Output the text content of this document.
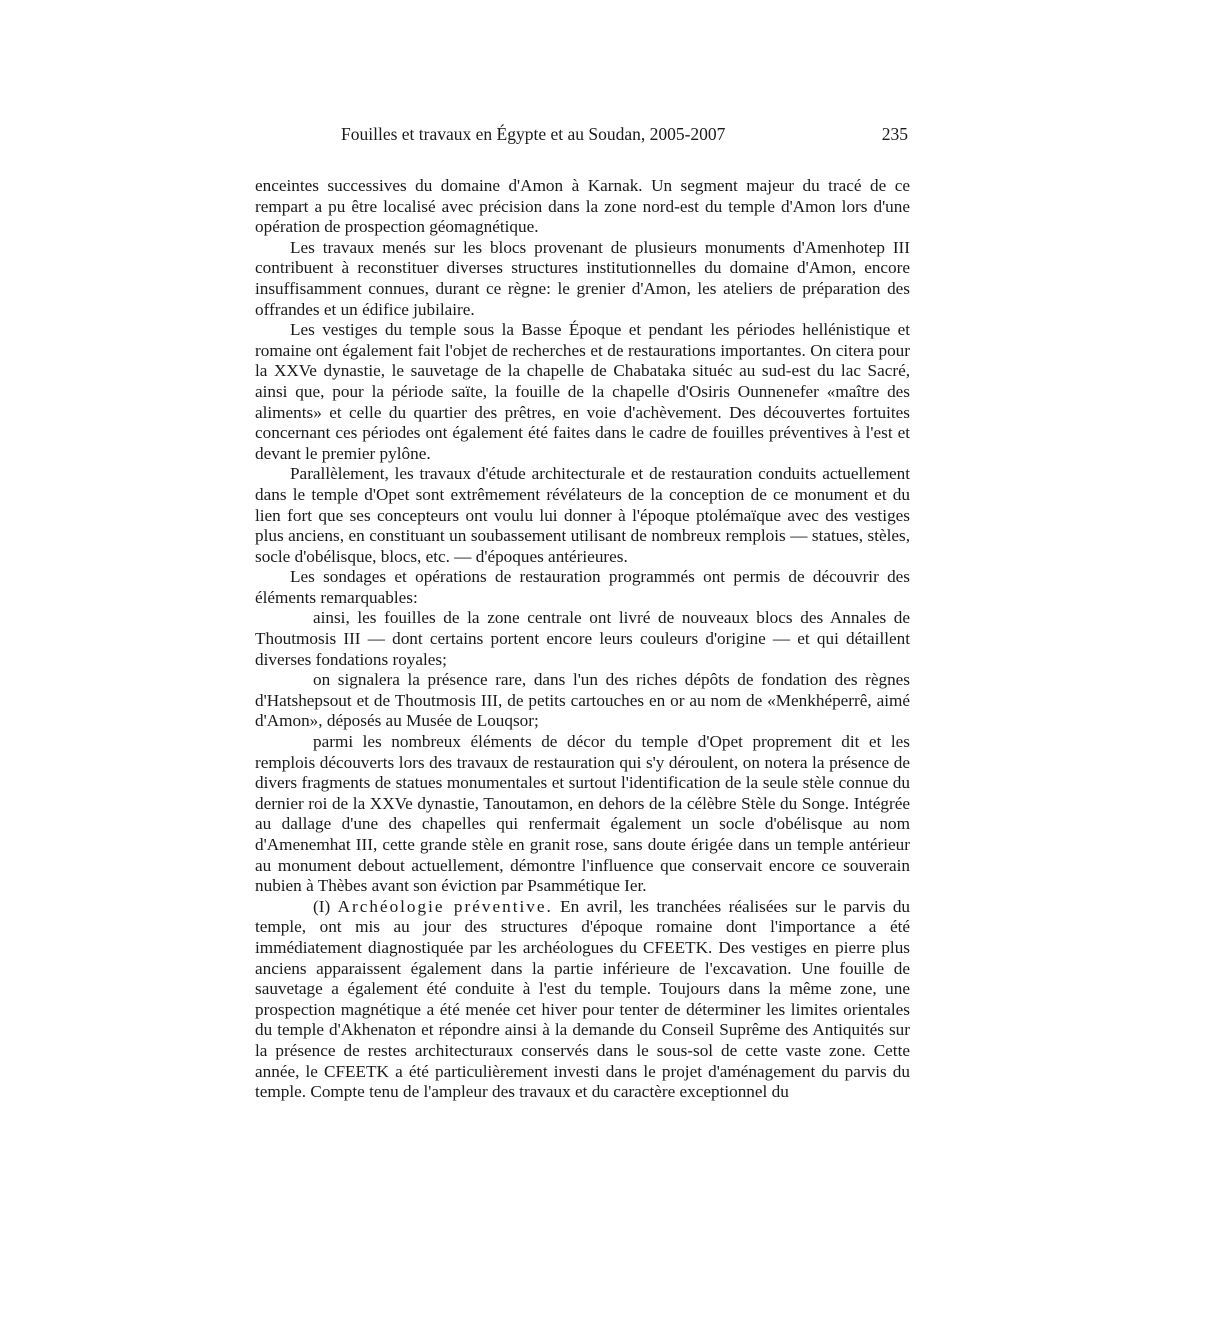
Fouilles et travaux en Égypte et au Soudan, 2005-2007	235

enceintes successives du domaine d'Amon à Karnak. Un segment majeur du tracé de ce rempart a pu être localisé avec précision dans la zone nord-est du temple d'Amon lors d'une opération de prospection géomagnétique.

Les travaux menés sur les blocs provenant de plusieurs monuments d'Amenhotep III contribuent à reconstituer diverses structures institutionnelles du domaine d'Amon, encore insuffisamment connues, durant ce règne: le grenier d'Amon, les ateliers de préparation des offrandes et un édifice jubilaire.

Les vestiges du temple sous la Basse Époque et pendant les périodes hellénistique et romaine ont également fait l'objet de recherches et de restaurations importantes. On citera pour la XXVe dynastie, le sauvetage de la chapelle de Chabataka situéc au sud-est du lac Sacré, ainsi que, pour la période saïte, la fouille de la chapelle d'Osiris Ounnenefer «maître des aliments» et celle du quartier des prêtres, en voie d'achèvement. Des découvertes fortuites concernant ces périodes ont également été faites dans le cadre de fouilles préventives à l'est et devant le premier pylône.

Parallèlement, les travaux d'étude architecturale et de restauration conduits actuellement dans le temple d'Opet sont extrêmement révélateurs de la conception de ce monument et du lien fort que ses concepteurs ont voulu lui donner à l'époque ptolémaïque avec des vestiges plus anciens, en constituant un soubassement utilisant de nombreux remplois — statues, stèles, socle d'obélisque, blocs, etc. — d'époques antérieures.

Les sondages et opérations de restauration programmés ont permis de découvrir des éléments remarquables:

ainsi, les fouilles de la zone centrale ont livré de nouveaux blocs des Annales de Thoutmosis III — dont certains portent encore leurs couleurs d'origine — et qui détaillent diverses fondations royales;

on signalera la présence rare, dans l'un des riches dépôts de fondation des règnes d'Hatshepsout et de Thoutmosis III, de petits cartouches en or au nom de «Menkhéperrê, aimé d'Amon», déposés au Musée de Louqsor;

parmi les nombreux éléments de décor du temple d'Opet proprement dit et les remplois découverts lors des travaux de restauration qui s'y déroulent, on notera la présence de divers fragments de statues monumentales et surtout l'identification de la seule stèle connue du dernier roi de la XXVe dynastie, Tanoutamon, en dehors de la célèbre Stèle du Songe. Intégrée au dallage d'une des chapelles qui renfermait également un socle d'obélisque au nom d'Amenemhat III, cette grande stèle en granit rose, sans doute érigée dans un temple antérieur au monument debout actuellement, démontre l'influence que conservait encore ce souverain nubien à Thèbes avant son éviction par Psammétique Ier.

(I) Archéologie préventive. En avril, les tranchées réalisées sur le parvis du temple, ont mis au jour des structures d'époque romaine dont l'importance a été immédiatement diagnostiquée par les archéologues du CFEETK. Des vestiges en pierre plus anciens apparaissent également dans la partie inférieure de l'excavation. Une fouille de sauvetage a également été conduite à l'est du temple. Toujours dans la même zone, une prospection magnétique a été menée cet hiver pour tenter de déterminer les limites orientales du temple d'Akhenaton et répondre ainsi à la demande du Conseil Suprême des Antiquités sur la présence de restes architecturaux conservés dans le sous-sol de cette vaste zone. Cette année, le CFEETK a été particulièrement investi dans le projet d'aménagement du parvis du temple. Compte tenu de l'ampleur des travaux et du caractère exceptionnel du
